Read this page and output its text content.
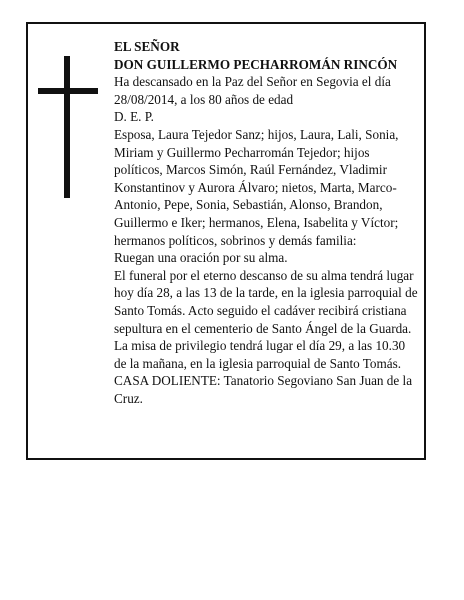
EL SEÑOR

DON GUILLERMO PECHARROMÁN RINCÓN

Ha descansado en la Paz del Señor en Segovia el día 28/08/2014, a los 80 años de edad

D. E. P.

Esposa, Laura Tejedor Sanz; hijos, Laura, Lali, Sonia, Miriam y Guillermo Pecharromán Tejedor; hijos políticos, Marcos Simón, Raúl Fernández, Vladimir Konstantinov y Aurora Álvaro; nietos, Marta, Marco-Antonio, Pepe, Sonia, Sebastián, Alonso, Brandon, Guillermo e Iker; hermanos, Elena, Isabelita y Víctor; hermanos políticos, sobrinos y demás familia:

Ruegan una oración por su alma.

El funeral por el eterno descanso de su alma tendrá lugar hoy día 28, a las 13 de la tarde, en la iglesia parroquial de Santo Tomás. Acto seguido el cadáver recibirá cristiana sepultura en el cementerio de Santo Ángel de la Guarda. La misa de privilegio tendrá lugar el día 29, a las 10.30 de la mañana, en la iglesia parroquial de Santo Tomás.

CASA DOLIENTE: Tanatorio Segoviano San Juan de la Cruz.
